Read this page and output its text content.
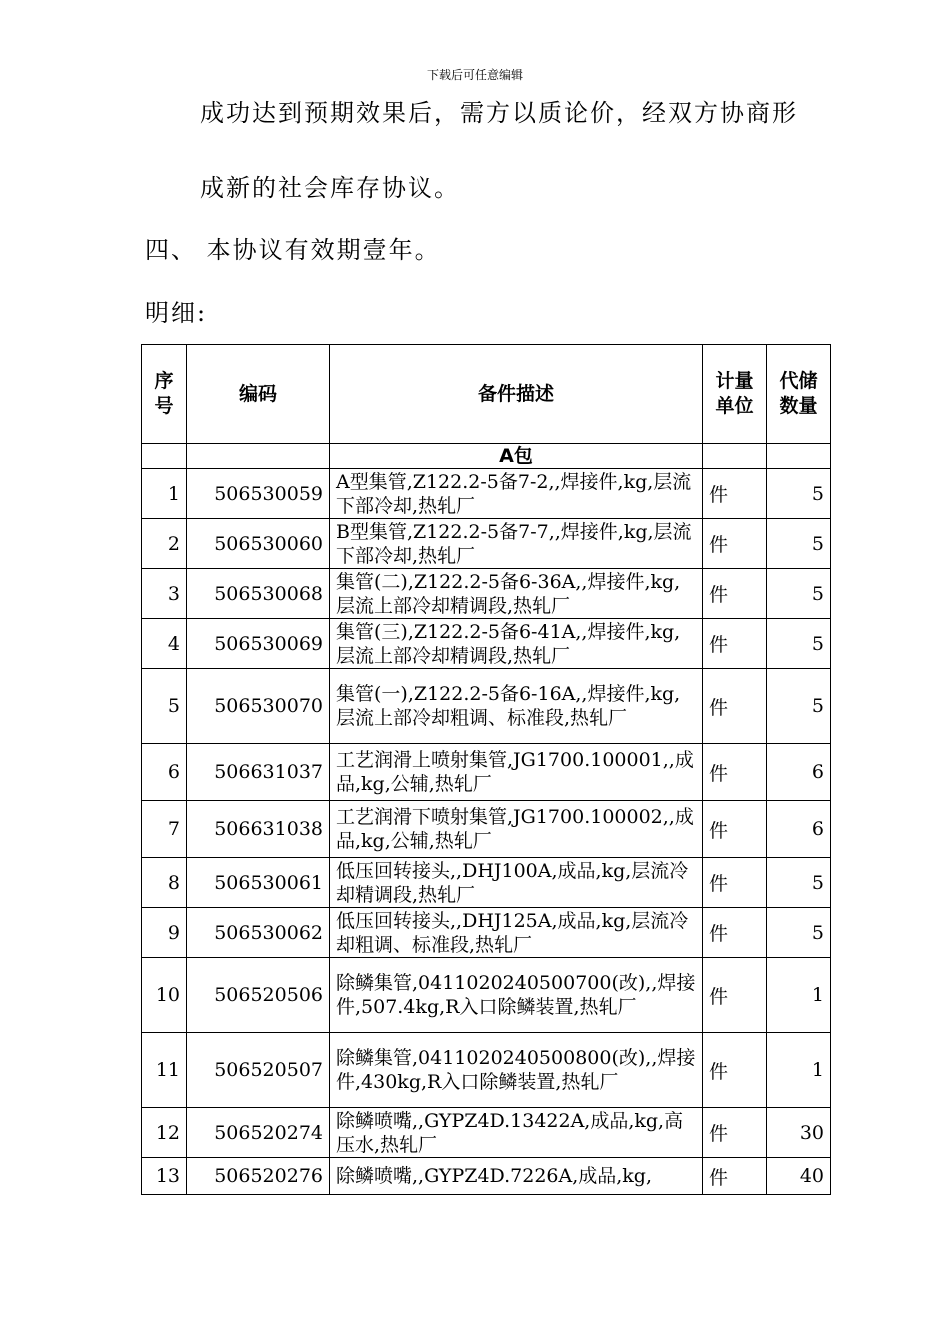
下载后可任意编辑
成功达到预期效果后，需方以质论价，经双方协商形
成新的社会库存协议。
四、 本协议有效期壹年。
明细:
序号	编码	备件描述	计量单位	代储数量
		A包		
1	506530059	A型集管,Z122.2-5备7-2,,焊接件,kg,层流下部冷却,热轧厂	件	5
2	506530060	B型集管,Z122.2-5备7-7,,焊接件,kg,层流下部冷却,热轧厂	件	5
3	506530068	集管(二),Z122.2-5备6-36A,,焊接件,kg,层流上部冷却精调段,热轧厂	件	5
4	506530069	集管(三),Z122.2-5备6-41A,,焊接件,kg,层流上部冷却精调段,热轧厂	件	5
5	506530070	集管(一),Z122.2-5备6-16A,,焊接件,kg,层流上部冷却粗调、标准段,热轧厂	件	5
6	506631037	工艺润滑上喷射集管,JG1700.100001,,成品,kg,公辅,热轧厂	件	6
7	506631038	工艺润滑下喷射集管,JG1700.100002,,成品,kg,公辅,热轧厂	件	6
8	506530061	低压回转接头,,DHJ100A,成品,kg,层流冷却精调段,热轧厂	件	5
9	506530062	低压回转接头,,DHJ125A,成品,kg,层流冷却粗调、标准段,热轧厂	件	5
10	506520506	除鳞集管,0411020240500700(改),,焊接件,507.4kg,R入口除鳞装置,热轧厂	件	1
11	506520507	除鳞集管,0411020240500800(改),,焊接件,430kg,R入口除鳞装置,热轧厂	件	1
12	506520274	除鳞喷嘴,,GYPZ4D.13422A,成品,kg,高压水,热轧厂	件	30
13	506520276	除鳞喷嘴,,GYPZ4D.7226A,成品,kg,	件	40
